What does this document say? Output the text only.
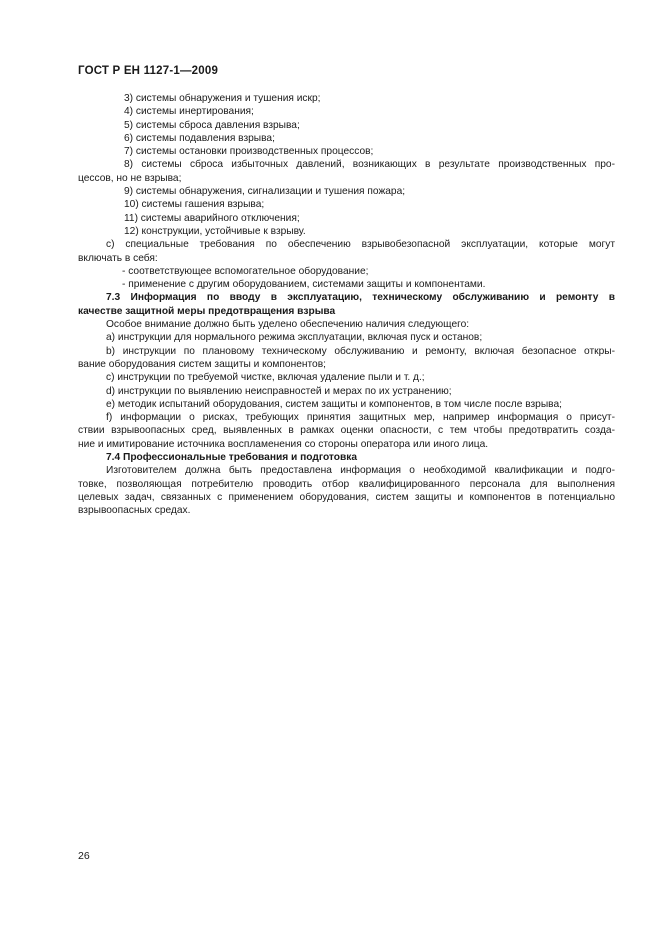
ГОСТ Р ЕН 1127-1—2009
3) системы обнаружения и тушения искр;
4) системы инертирования;
5) системы сброса давления взрыва;
6) системы подавления взрыва;
7) системы остановки производственных процессов;
8) системы сброса избыточных давлений, возникающих в результате производственных про-
цессов, но не взрыва;
9) системы обнаружения, сигнализации и тушения пожара;
10) системы гашения взрыва;
11) системы аварийного отключения;
12) конструкции, устойчивые к взрыву.
c) специальные требования по обеспечению взрывобезопасной эксплуатации, которые могут
включать в себя:
- соответствующее вспомогательное оборудование;
- применение с другим оборудованием, системами защиты и компонентами.
7.3 Информация по вводу в эксплуатацию, техническому обслуживанию и ремонту в
качестве защитной меры предотвращения взрыва
Особое внимание должно быть уделено обеспечению наличия следующего:
a) инструкции для нормального режима эксплуатации, включая пуск и останов;
b) инструкции по плановому техническому обслуживанию и ремонту, включая безопасное откры-
вание оборудования систем защиты и компонентов;
c) инструкции по требуемой чистке, включая удаление пыли и т. д.;
d) инструкции по выявлению неисправностей и мерах по их устранению;
e) методик испытаний оборудования, систем защиты и компонентов, в том числе после взрыва;
f) информации о рисках, требующих принятия защитных мер, например информация о присут-
ствии взрывоопасных сред, выявленных в рамках оценки опасности, с тем чтобы предотвратить созда-
ние и имитирование источника воспламенения со стороны оператора или иного лица.
7.4 Профессиональные требования и подготовка
Изготовителем должна быть предоставлена информация о необходимой квалификации и подго-
товке, позволяющая потребителю проводить отбор квалифицированного персонала для выполнения
целевых задач, связанных с применением оборудования, систем защиты и компонентов в потенциально
взрывоопасных средах.
26
